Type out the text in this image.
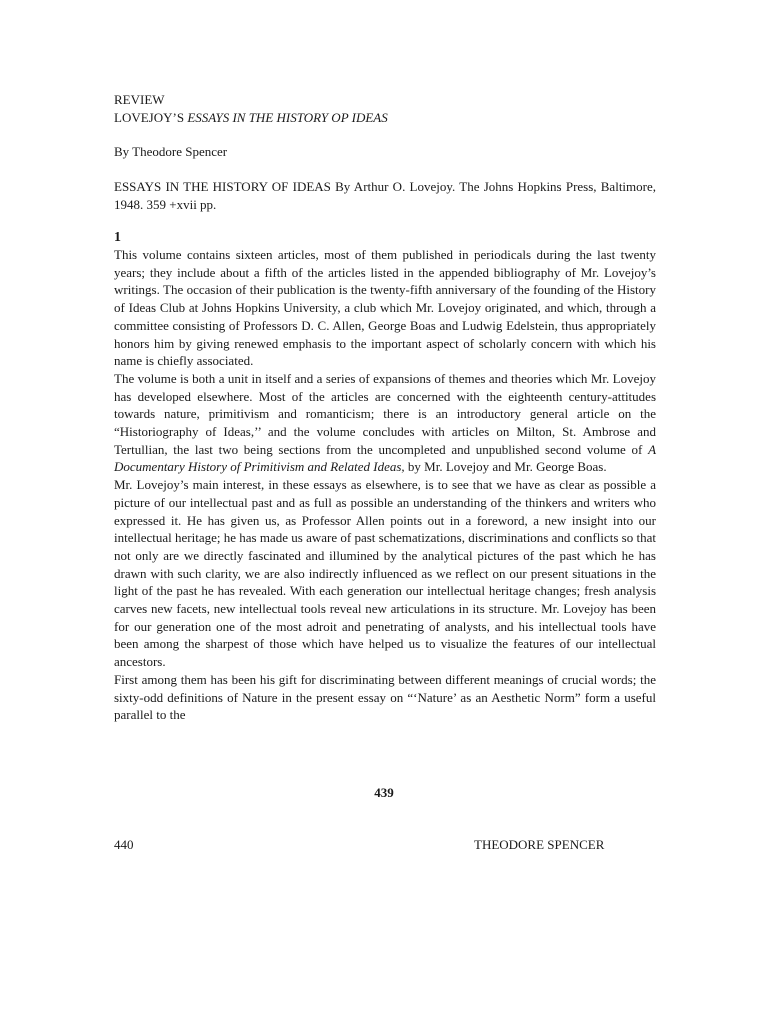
REVIEW
LOVEJOY’S ESSAYS IN THE HISTORY OP IDEAS
By Theodore Spencer
ESSAYS IN THE HISTORY OF IDEAS By Arthur O. Lovejoy. The Johns Hopkins Press, Baltimore, 1948. 359 +xvii pp.
1

This volume contains sixteen articles, most of them published in periodicals during the last twenty years; they include about a fifth of the articles listed in the appended bibliography of Mr. Lovejoy’s writings. The occasion of their publication is the twenty-fifth anniversary of the founding of the History of Ideas Club at Johns Hopkins University, a club which Mr. Lovejoy originated, and which, through a committee consisting of Professors D. C. Allen, George Boas and Ludwig Edelstein, thus appropriately honors him by giving renewed emphasis to the important aspect of scholarly concern with which his name is chiefly associated.

The volume is both a unit in itself and a series of expansions of themes and theories which Mr. Lovejoy has developed elsewhere. Most of the articles are concerned with the eighteenth century-attitudes towards nature, primitivism and romanticism; there is an introductory general article on the “Historiography of Ideas,’’ and the volume concludes with articles on Milton, St. Ambrose and Tertullian, the last two being sections from the uncompleted and unpublished second volume of A Documentary History of Primitivism and Related Ideas, by Mr. Lovejoy and Mr. George Boas.

Mr. Lovejoy’s main interest, in these essays as elsewhere, is to see that we have as clear as possible a picture of our intellectual past and as full as possible an understanding of the thinkers and writers who expressed it. He has given us, as Professor Allen points out in a foreword, a new insight into our intellectual heritage; he has made us aware of past schematizations, discriminations and conflicts so that not only are we directly fascinated and illumined by the analytical pictures of the past which he has drawn with such clarity, we are also indirectly influenced as we reflect on our present situations in the light of the past he has revealed. With each generation our intellectual heritage changes; fresh analysis carves new facets, new intellectual tools reveal new articulations in its structure. Mr. Lovejoy has been for our generation one of the most adroit and penetrating of analysts, and his intellectual tools have been among the sharpest of those which have helped us to visualize the features of our intellectual ancestors.

First among them has been his gift for discriminating between different meanings of crucial words; the sixty-odd definitions of Nature in the present essay on “‘Nature’ as an Aesthetic Norm” form a useful parallel to the

439
440	THEODORE SPENCER
